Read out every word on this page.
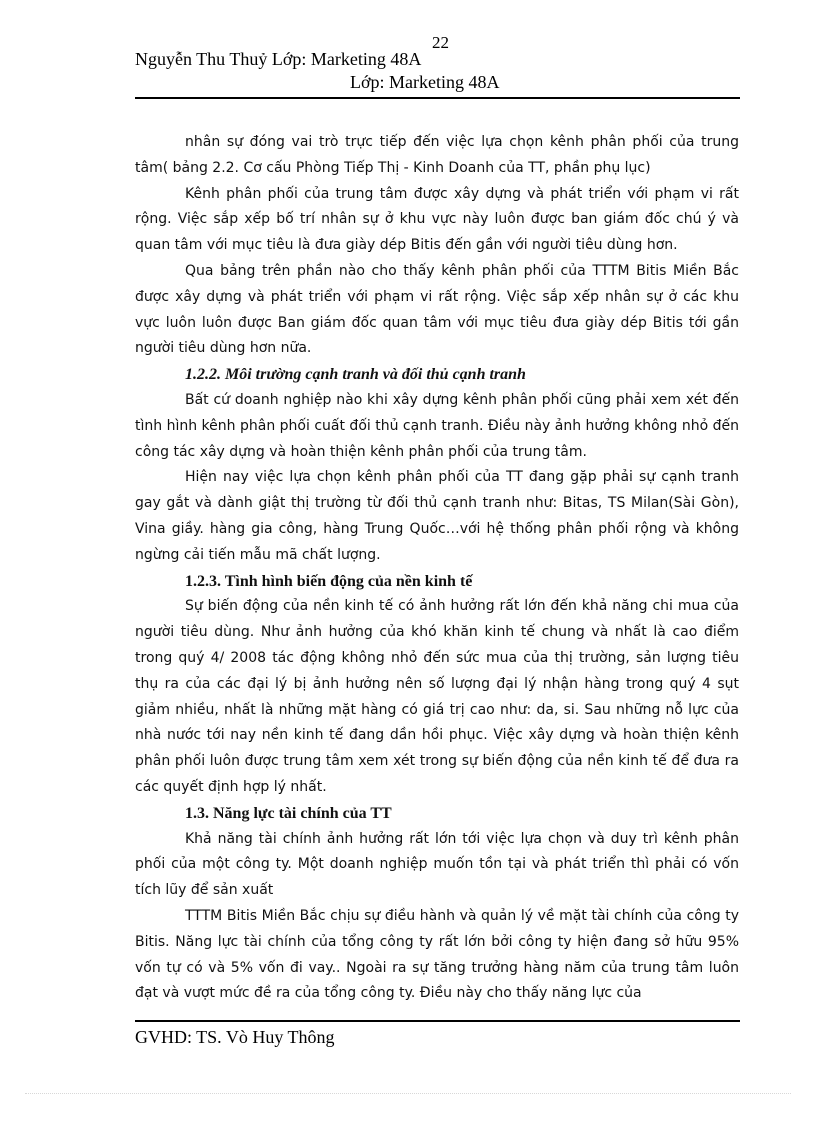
22
Nguyễn Thu Thuỷ Lớp: Marketing 48A
Lớp: Marketing 48A

nhân sự đóng vai trò trực tiếp đến việc lựa chọn kênh phân phối của trung tâm( bảng 2.2. Cơ cấu Phòng Tiếp Thị - Kinh Doanh của TT, phần phụ lục)

Kênh phân phối của trung tâm được xây dựng và phát triển với phạm vi rất rộng. Việc sắp xếp bố trí nhân sự ở khu vực này luôn được ban giám đốc chú ý và quan tâm với mục tiêu là đưa giày dép Bitis đến gần với người tiêu dùng hơn.

Qua bảng trên phần nào cho thấy kênh phân phối của TTTM Bitis Miền Bắc được xây dựng và phát triển với phạm vi rất rộng. Việc sắp xếp nhân sự ở các khu vực luôn luôn được Ban giám đốc quan tâm với mục tiêu đưa giày dép Bitis tới gần người tiêu dùng hơn nữa.

1.2.2. Môi trường cạnh tranh và đối thủ cạnh tranh

Bất cứ doanh nghiệp nào khi xây dựng kênh phân phối cũng phải xem xét đến tình hình kênh phân phối cuất đối thủ cạnh tranh. Điều này ảnh hưởng không nhỏ đến công tác xây dựng và hoàn thiện kênh phân phối của trung tâm.

Hiện nay việc lựa chọn kênh phân phối của TT đang gặp phải sự cạnh tranh gay gắt và dành giật thị trường từ đối thủ cạnh tranh như: Bitas, TS Milan(Sài Gòn), Vina giầy. hàng gia công, hàng Trung Quốc…với hệ thống phân phối rộng và không ngừng cải tiến mẫu mã chất lượng.

1.2.3. Tình hình biến động của nền kinh tế

Sự biến động của nền kinh tế có ảnh hưởng rất lớn đến khả năng chi mua của người tiêu dùng. Như ảnh hưởng của khó khăn kinh tế chung và nhất là cao điểm trong quý 4/ 2008 tác động không nhỏ đến sức mua của thị trường, sản lượng tiêu thụ ra của các đại lý bị ảnh hưởng nên số lượng đại lý nhận hàng trong quý 4 sụt giảm nhiều, nhất là những mặt hàng có giá trị cao như: da, si. Sau những nỗ lực của nhà nước tới nay nền kinh tế đang dần hồi phục. Việc xây dựng và hoàn thiện kênh phân phối luôn được trung tâm xem xét trong sự biến động của nền kinh tế để đưa ra các quyết định hợp lý nhất.

1.3. Năng lực tài chính của TT

Khả năng tài chính ảnh hưởng rất lớn tới việc lựa chọn và duy trì kênh phân phối của một công ty. Một doanh nghiệp muốn tồn tại và phát triển thì phải có vốn tích lũy để sản xuất

TTTM Bitis Miền Bắc chịu sự điều hành và quản lý về mặt tài chính của công ty Bitis. Năng lực tài chính của tổng công ty rất lớn bởi công ty hiện đang sở hữu 95% vốn tự có và 5% vốn đi vay.. Ngoài ra sự tăng trưởng hàng năm của trung tâm luôn đạt và vượt mức đề ra của tổng công ty. Điều này cho thấy năng lực của

GVHD: TS. Vò Huy Thông
